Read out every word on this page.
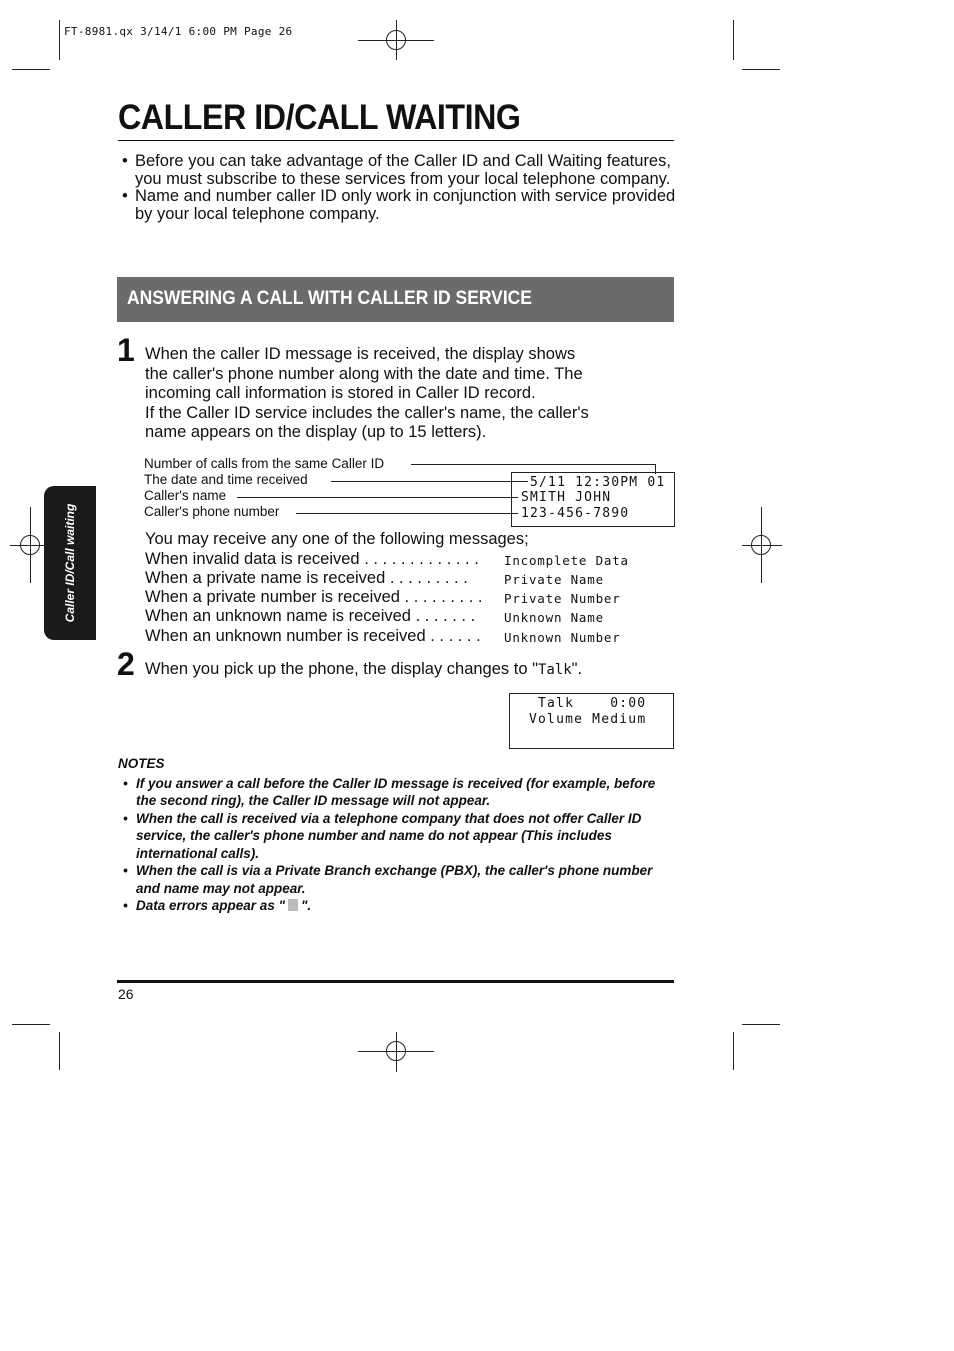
FT-8981.qx 3/14/1 6:00 PM Page 26
CALLER ID/CALL WAITING
• Before you can take advantage of the Caller ID and Call Waiting features, you must subscribe to these services from your local telephone company.
• Name and number caller ID only work in conjunction with service provided by your local telephone company.
ANSWERING A CALL WITH CALLER ID SERVICE
Caller ID/Call waiting
1 When the caller ID message is received, the display shows
the caller's phone number along with the date and time. The
incoming call information is stored in Caller ID record.
If the Caller ID service includes the caller's name, the caller's
name appears on the display (up to 15 letters).
Number of calls from the same Caller ID
The date and time received
Caller's name
Caller's phone number
5/11 12:30PM 01
SMITH JOHN
123-456-7890
You may receive any one of the following messages;
When invalid data is received . . . . . . . . . . . . . Incomplete Data
When a private name is received . . . . . . . . .	Private Name
When a private number is received . . . . . . . . . Private Number
When an unknown name is received . . . . . . . Unknown Name
When an unknown number is received . . . . . . Unknown Number
2 When you pick up the phone, the display changes to "Talk".
Talk    0:00
Volume Medium
NOTES
• If you answer a call before the Caller ID message is received (for example, before the second ring), the Caller ID message will not appear.
• When the call is received via a telephone company that does not offer Caller ID service, the caller's phone number and name do not appear (This includes international calls).
• When the call is via a Private Branch exchange (PBX), the caller's phone number and name may not appear.
• Data errors appear as " ".
26
